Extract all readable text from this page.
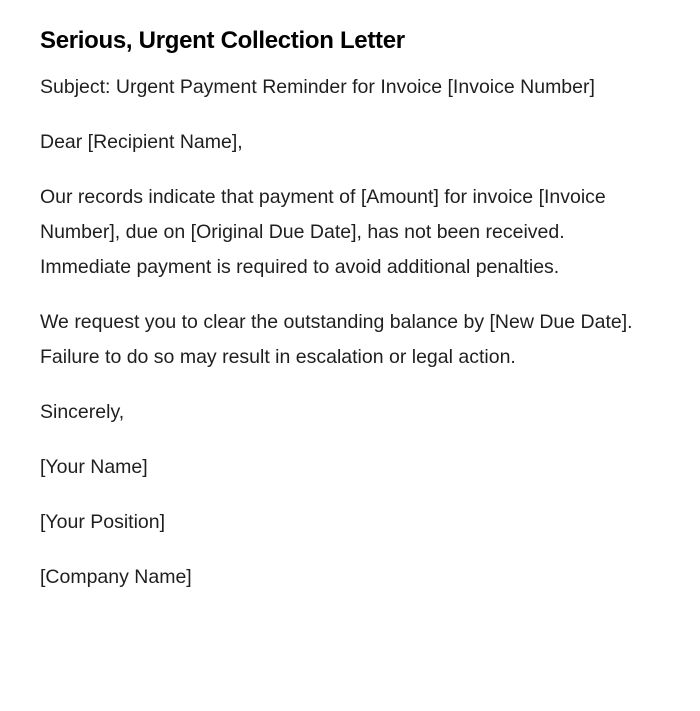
Serious, Urgent Collection Letter

Subject: Urgent Payment Reminder for Invoice [Invoice Number]

Dear [Recipient Name],

Our records indicate that payment of [Amount] for invoice [Invoice Number], due on [Original Due Date], has not been received. Immediate payment is required to avoid additional penalties.

We request you to clear the outstanding balance by [New Due Date]. Failure to do so may result in escalation or legal action.

Sincerely,

[Your Name]

[Your Position]

[Company Name]
